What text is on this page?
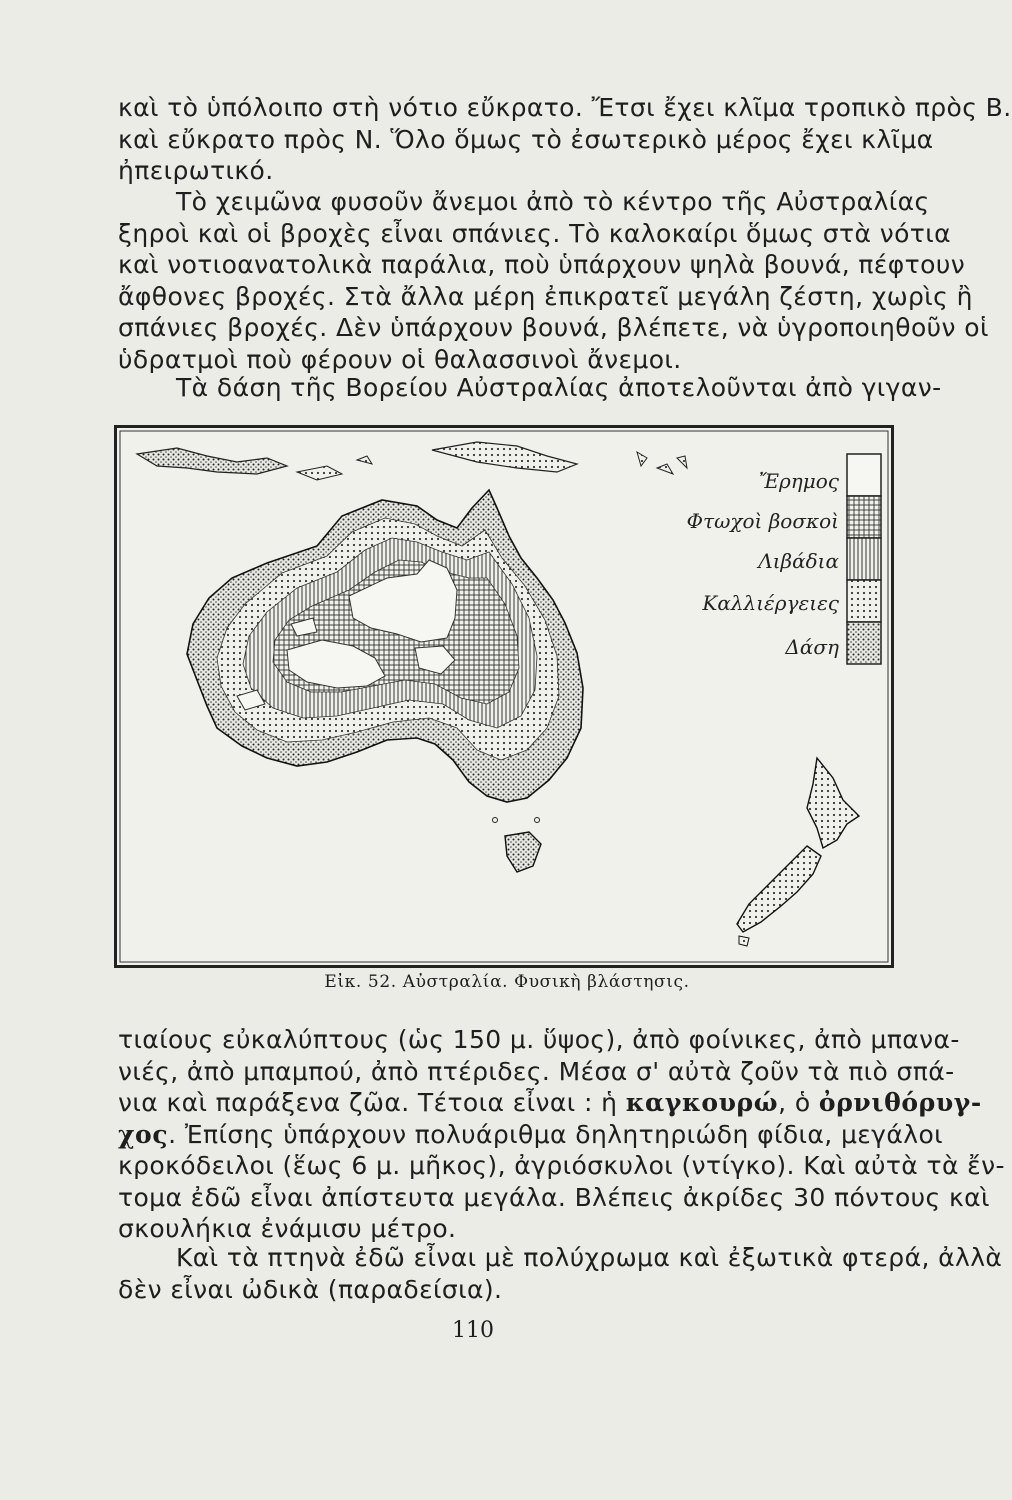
καὶ τὸ ὑπόλοιπο στὴ νότιο εὔκρατο. Ἔτσι ἔχει κλῖμα τροπικὸ πρὸς Β.
καὶ εὔκρατο πρὸς Ν. Ὅλο ὅμως τὸ ἐσωτερικὸ μέρος ἔχει κλῖμα
ἠπειρωτικό.
Τὸ χειμῶνα φυσοῦν ἄνεμοι ἀπὸ τὸ κέντρο τῆς Αὐστραλίας
ξηροὶ καὶ οἱ βροχὲς εἶναι σπάνιες. Τὸ καλοκαίρι ὅμως στὰ νότια
καὶ νοτιοανατολικὰ παράλια, ποὺ ὑπάρχουν ψηλὰ βουνά, πέφτουν
ἄφθονες βροχές. Στὰ ἄλλα μέρη ἐπικρατεῖ μεγάλη ζέστη, χωρὶς ἢ
σπάνιες βροχές. Δὲν ὑπάρχουν βουνά, βλέπετε, νὰ ὑγροποιηθοῦν οἱ
ὑδρατμοὶ ποὺ φέρουν οἱ θαλασσινοὶ ἄνεμοι.
Τὰ δάση τῆς Βορείου Αὐστραλίας ἀποτελοῦνται ἀπὸ γιγαν-
Ἔρημος
Φτωχοὶ βοσκοὶ
Λιβάδια
Καλλιέργειες
Δάση
Εἰκ. 52. Αὐστραλία. Φυσικὴ βλάστησις.
τιαίους εὐκαλύπτους (ὡς 150 μ. ὕψος), ἀπὸ φοίνικες, ἀπὸ μπανα-
νιές, ἀπὸ μπαμπού, ἀπὸ πτέριδες. Μέσα σ' αὐτὰ ζοῦν τὰ πιὸ σπά-
νια καὶ παράξενα ζῶα. Τέτοια εἶναι : ἡ καγκουρώ, ὁ ὀρνιθόρυγ-
χος. Ἐπίσης ὑπάρχουν πολυάριθμα δηλητηριώδη φίδια, μεγάλοι
κροκόδειλοι (ἕως 6 μ. μῆκος), ἀγριόσκυλοι (ντίγκο). Καὶ αὐτὰ τὰ ἔν-
τομα ἐδῶ εἶναι ἀπίστευτα μεγάλα. Βλέπεις ἀκρίδες 30 πόντους καὶ
σκουλήκια ἐνάμισυ μέτρο.
Καὶ τὰ πτηνὰ ἐδῶ εἶναι μὲ πολύχρωμα καὶ ἐξωτικὰ φτερά, ἀλλὰ
δὲν εἶναι ὠδικὰ (παραδείσια).
110
